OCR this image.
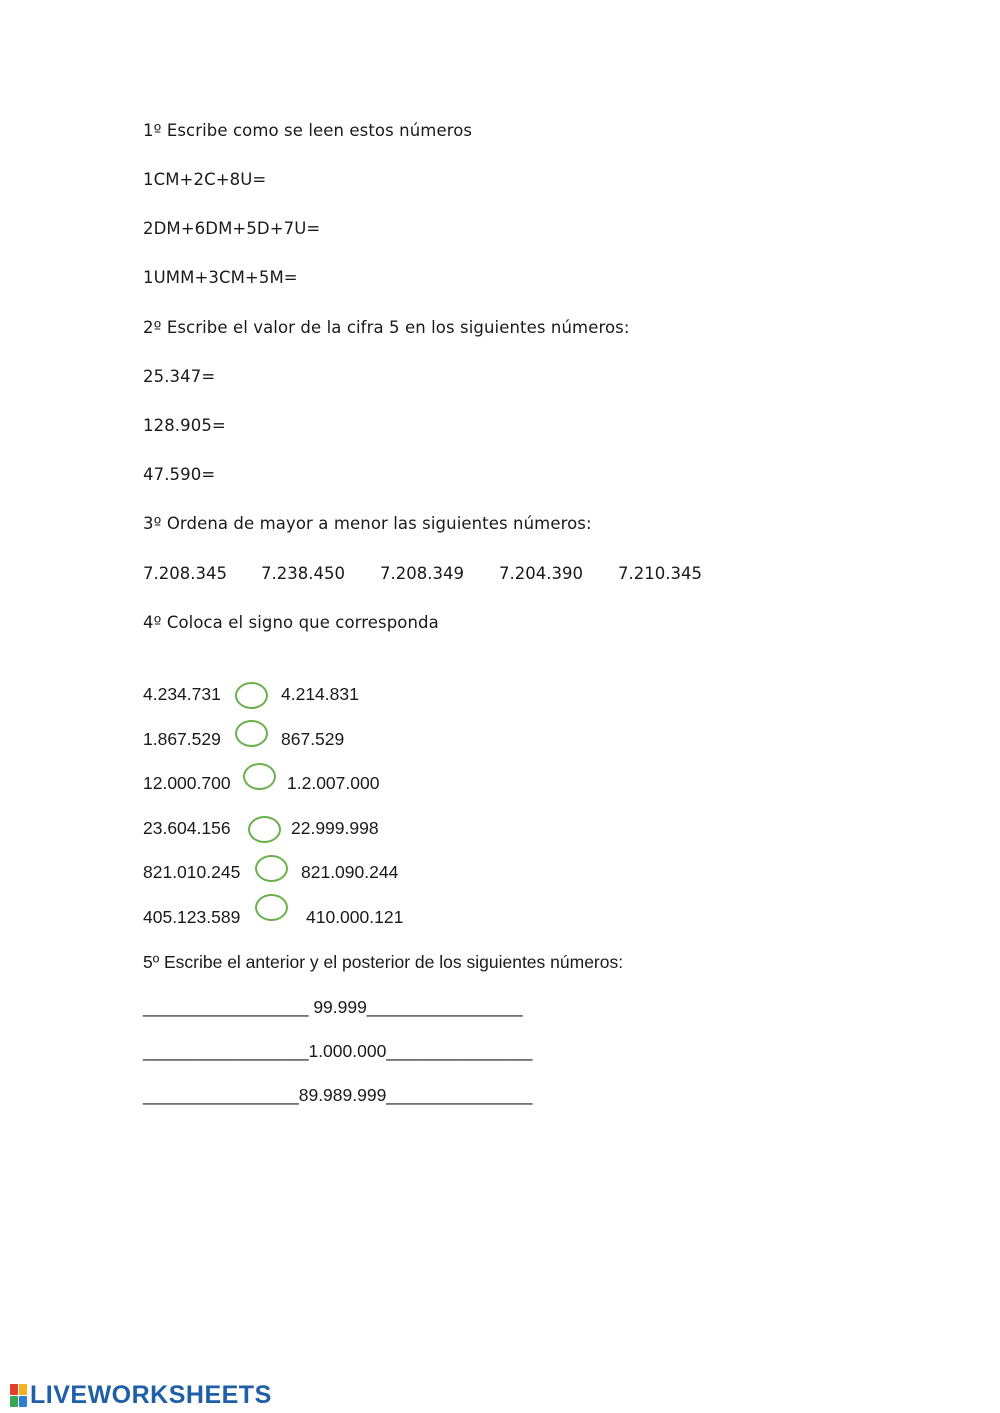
1º Escribe como se leen estos números
1CM+2C+8U=
2DM+6DM+5D+7U=
1UMM+3CM+5M=
2º Escribe el valor de la cifra 5 en los siguientes números:
25.347=
128.905=
47.590=
3º Ordena de mayor a menor las siguientes números:
7.208.345 7.238.450 7.208.349 7.204.390 7.210.345
4º Coloca el signo que corresponda
4.234.731	4.214.831
1.867.529	867.529
12.000.700	1.2.007.000
23.604.156	22.999.998
821.010.245	821.090.244
405.123.589	410.000.121
5º Escribe el anterior y el posterior de los siguientes números:
_________________ 99.999________________
_________________1.000.000_______________
________________89.989.999_______________
LIVEWORKSHEETS
